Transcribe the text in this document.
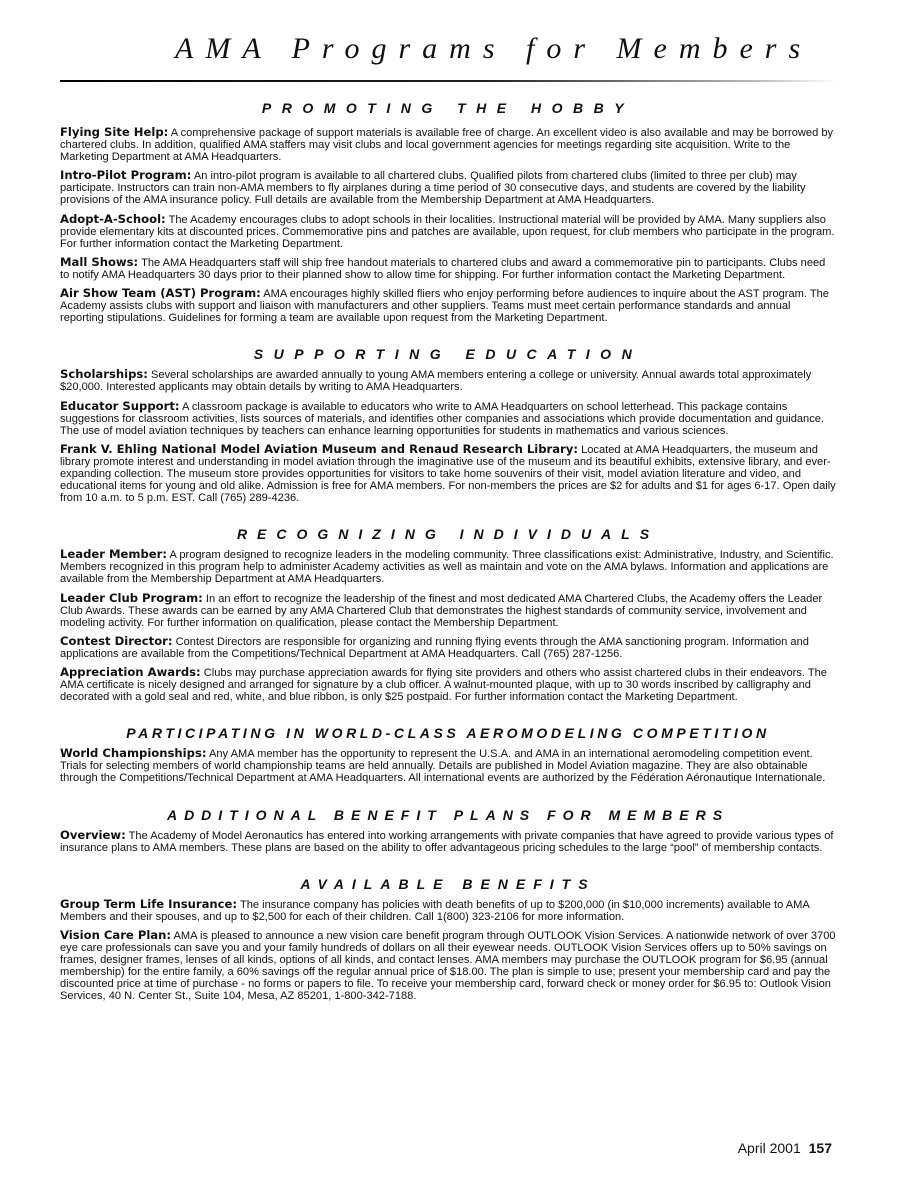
AMA Programs for Members
PROMOTING THE HOBBY

Flying Site Help: A comprehensive package of support materials is available free of charge. An excellent video is also available and may be borrowed by chartered clubs. In addition, qualified AMA staffers may visit clubs and local government agencies for meetings regarding site acquisition. Write to the Marketing Department at AMA Headquarters.

Intro-Pilot Program: An intro-pilot program is available to all chartered clubs. Qualified pilots from chartered clubs (limited to three per club) may participate. Instructors can train non-AMA members to fly airplanes during a time period of 30 consecutive days, and students are covered by the liability provisions of the AMA insurance policy. Full details are available from the Membership Department at AMA Headquarters.

Adopt-A-School: The Academy encourages clubs to adopt schools in their localities. Instructional material will be provided by AMA. Many suppliers also provide elementary kits at discounted prices. Commemorative pins and patches are available, upon request, for club members who participate in the program. For further information contact the Marketing Department.

Mall Shows: The AMA Headquarters staff will ship free handout materials to chartered clubs and award a commemorative pin to participants. Clubs need to notify AMA Headquarters 30 days prior to their planned show to allow time for shipping. For further information contact the Marketing Department.

Air Show Team (AST) Program: AMA encourages highly skilled fliers who enjoy performing before audiences to inquire about the AST program. The Academy assists clubs with support and liaison with manufacturers and other suppliers. Teams must meet certain performance standards and annual reporting stipulations. Guidelines for forming a team are available upon request from the Marketing Department.

SUPPORTING EDUCATION

Scholarships: Several scholarships are awarded annually to young AMA members entering a college or university. Annual awards total approximately $20,000. Interested applicants may obtain details by writing to AMA Headquarters.

Educator Support: A classroom package is available to educators who write to AMA Headquarters on school letterhead. This package contains suggestions for classroom activities, lists sources of materials, and identifies other companies and associations which provide documentation and guidance. The use of model aviation techniques by teachers can enhance learning opportunities for students in mathematics and various sciences.

Frank V. Ehling National Model Aviation Museum and Renaud Research Library: Located at AMA Headquarters, the museum and library promote interest and understanding in model aviation through the imaginative use of the museum and its beautiful exhibits, extensive library, and ever-expanding collection. The museum store provides opportunities for visitors to take home souvenirs of their visit, model aviation literature and video, and educational items for young and old alike. Admission is free for AMA members. For non-members the prices are $2 for adults and $1 for ages 6-17. Open daily from 10 a.m. to 5 p.m. EST. Call (765) 289-4236.

RECOGNIZING INDIVIDUALS

Leader Member: A program designed to recognize leaders in the modeling community. Three classifications exist: Administrative, Industry, and Scientific. Members recognized in this program help to administer Academy activities as well as maintain and vote on the AMA bylaws. Information and applications are available from the Membership Department at AMA Headquarters.

Leader Club Program: In an effort to recognize the leadership of the finest and most dedicated AMA Chartered Clubs, the Academy offers the Leader Club Awards. These awards can be earned by any AMA Chartered Club that demonstrates the highest standards of community service, involvement and modeling activity. For further information on qualification, please contact the Membership Department.

Contest Director: Contest Directors are responsible for organizing and running flying events through the AMA sanctioning program. Information and applications are available from the Competitions/Technical Department at AMA Headquarters. Call (765) 287-1256.

Appreciation Awards: Clubs may purchase appreciation awards for flying site providers and others who assist chartered clubs in their endeavors. The AMA certificate is nicely designed and arranged for signature by a club officer. A walnut-mounted plaque, with up to 30 words inscribed by calligraphy and decorated with a gold seal and red, white, and blue ribbon, is only $25 postpaid. For further information contact the Marketing Department.

PARTICIPATING IN WORLD-CLASS AEROMODELING COMPETITION

World Championships: Any AMA member has the opportunity to represent the U.S.A. and AMA in an international aeromodeling competition event. Trials for selecting members of world championship teams are held annually. Details are published in Model Aviation magazine. They are also obtainable through the Competitions/Technical Department at AMA Headquarters. All international events are authorized by the Fédération Aéronautique Internationale.

ADDITIONAL BENEFIT PLANS FOR MEMBERS

Overview: The Academy of Model Aeronautics has entered into working arrangements with private companies that have agreed to provide various types of insurance plans to AMA members. These plans are based on the ability to offer advantageous pricing schedules to the large “pool” of membership contacts.

AVAILABLE BENEFITS

Group Term Life Insurance: The insurance company has policies with death benefits of up to $200,000 (in $10,000 increments) available to AMA Members and their spouses, and up to $2,500 for each of their children. Call 1(800) 323-2106 for more information.

Vision Care Plan: AMA is pleased to announce a new vision care benefit program through OUTLOOK Vision Services. A nationwide network of over 3700 eye care professionals can save you and your family hundreds of dollars on all their eyewear needs. OUTLOOK Vision Services offers up to 50% savings on frames, designer frames, lenses of all kinds, options of all kinds, and contact lenses. AMA members may purchase the OUTLOOK program for $6.95 (annual membership) for the entire family, a 60% savings off the regular annual price of $18.00. The plan is simple to use; present your membership card and pay the discounted price at time of purchase - no forms or papers to file. To receive your membership card, forward check or money order for $6.95 to: Outlook Vision Services, 40 N. Center St., Suite 104, Mesa, AZ 85201, 1-800-342-7188.

April 2001 157
